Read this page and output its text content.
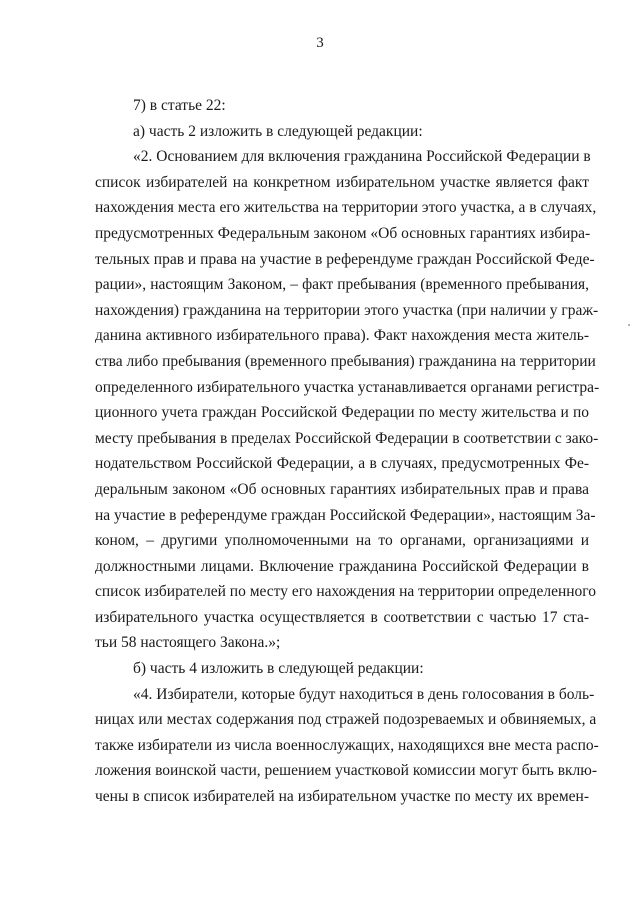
3

7) в статье 22:

а) часть 2 изложить в следующей редакции:

«2. Основанием для включения гражданина Российской Федерации в
список избирателей на конкретном избирательном участке является факт
нахождения места его жительства на территории этого участка, а в случаях,
предусмотренных Федеральным законом «Об основных гарантиях избира-
тельных прав и права на участие в референдуме граждан Российской Феде-
рации», настоящим Законом, – факт пребывания (временного пребывания,
нахождения) гражданина на территории этого участка (при наличии у граж-
данина активного избирательного права). Факт нахождения места житель-
ства либо пребывания (временного пребывания) гражданина на территории
определенного избирательного участка устанавливается органами регистра-
ционного учета граждан Российской Федерации по месту жительства и по
месту пребывания в пределах Российской Федерации в соответствии с зако-
нодательством Российской Федерации, а в случаях, предусмотренных Фе-
деральным законом «Об основных гарантиях избирательных прав и права
на участие в референдуме граждан Российской Федерации», настоящим За-
коном, – другими уполномоченными на то органами, организациями и
должностными лицами. Включение гражданина Российской Федерации в
список избирателей по месту его нахождения на территории определенного
избирательного участка осуществляется в соответствии с частью 17 ста-
тьи 58 настоящего Закона.»;

б) часть 4 изложить в следующей редакции:

«4. Избиратели, которые будут находиться в день голосования в боль-
ницах или местах содержания под стражей подозреваемых и обвиняемых, а
также избиратели из числа военнослужащих, находящихся вне места распо-
ложения воинской части, решением участковой комиссии могут быть вклю-
чены в список избирателей на избирательном участке по месту их времен-
